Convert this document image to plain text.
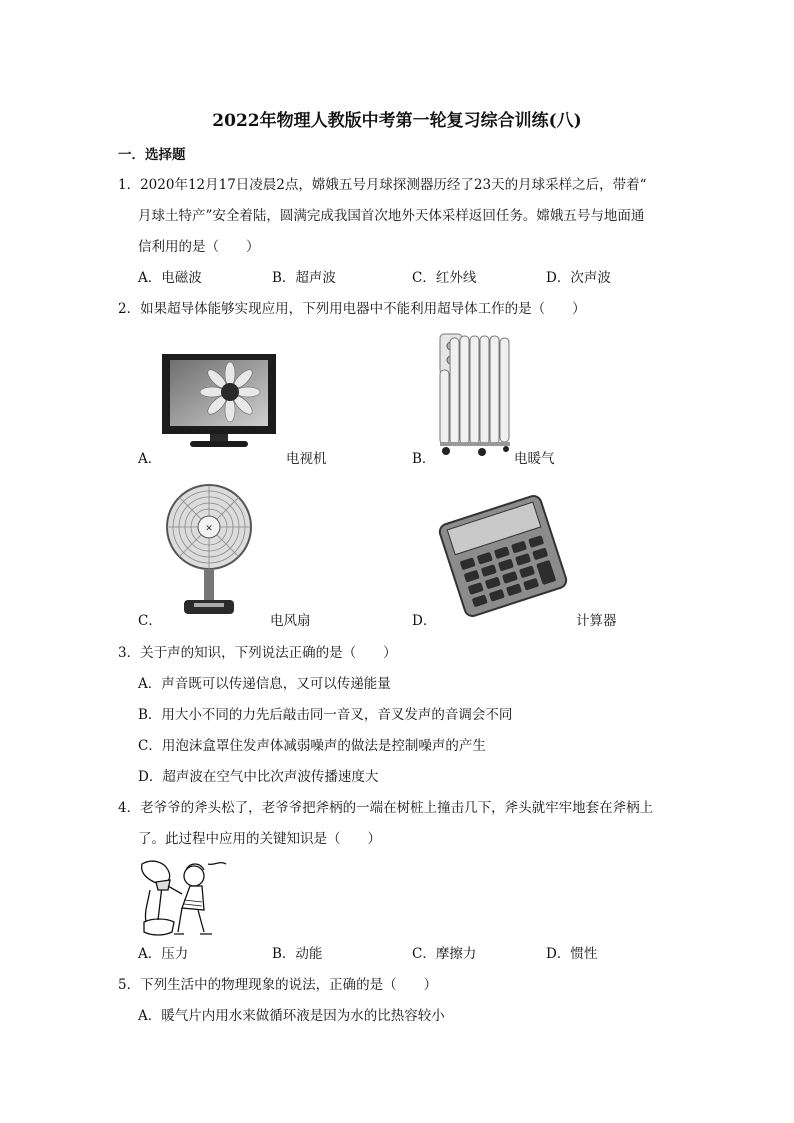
2022年物理人教版中考第一轮复习综合训练(八)
一．选择题
1．2020年12月17日凌晨2点，嫦娥五号月球探测器历经了23天的月球采样之后，带着“
月球土特产”安全着陆，圆满完成我国首次地外天体采样返回任务。嫦娥五号与地面通
信利用的是（　　）
A．电磁波	B．超声波	C．红外线	D．次声波
2．如果超导体能够实现应用，下列用电器中不能利用超导体工作的是（　　）
A．	电视机	B．	电暖气
✕
C．	电风扇	D．	计算器
3．关于声的知识，下列说法正确的是（　　）
A．声音既可以传递信息，又可以传递能量
B．用大小不同的力先后敲击同一音叉，音叉发声的音调会不同
C．用泡沫盒罩住发声体减弱噪声的做法是控制噪声的产生
D．超声波在空气中比次声波传播速度大
4．老爷爷的斧头松了，老爷爷把斧柄的一端在树桩上撞击几下，斧头就牢牢地套在斧柄上
了。此过程中应用的关键知识是（　　）
A．压力	B．动能	C．摩擦力	D．惯性
5．下列生活中的物理现象的说法，正确的是（　　）
A．暖气片内用水来做循环液是因为水的比热容较小
